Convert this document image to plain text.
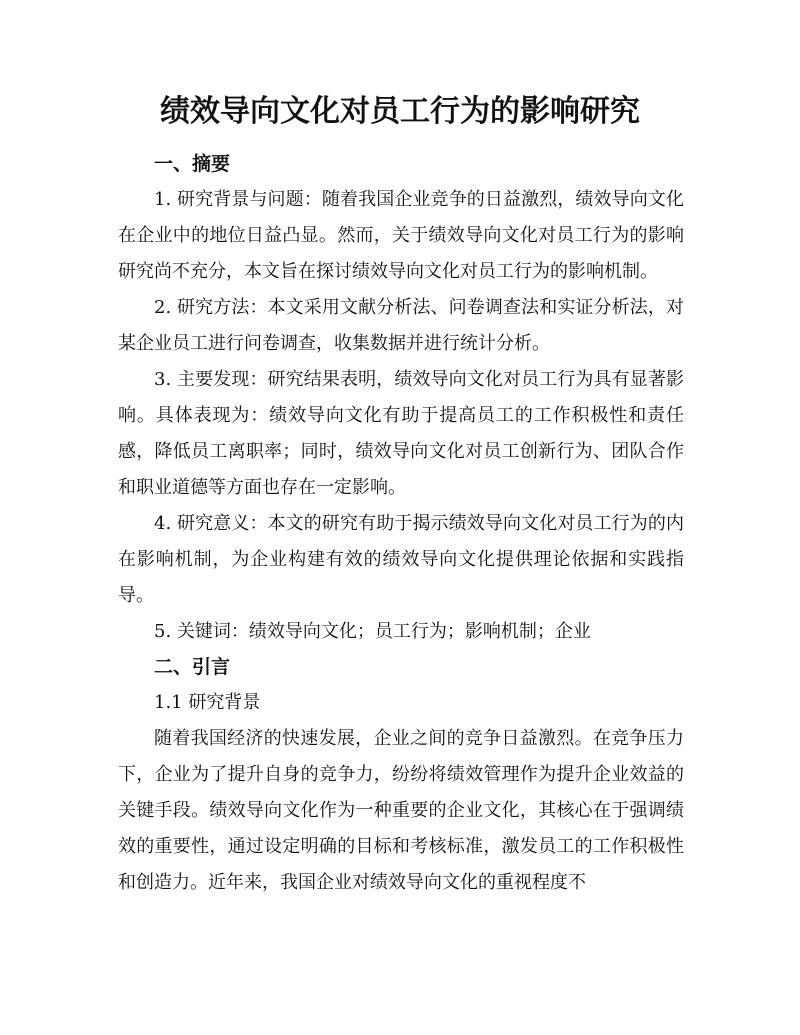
绩效导向文化对员工行为的影响研究
一、摘要

1. 研究背景与问题：随着我国企业竞争的日益激烈，绩效导向文化在企业中的地位日益凸显。然而，关于绩效导向文化对员工行为的影响研究尚不充分，本文旨在探讨绩效导向文化对员工行为的影响机制。

2. 研究方法：本文采用文献分析法、问卷调查法和实证分析法，对某企业员工进行问卷调查，收集数据并进行统计分析。

3. 主要发现：研究结果表明，绩效导向文化对员工行为具有显著影响。具体表现为：绩效导向文化有助于提高员工的工作积极性和责任感，降低员工离职率；同时，绩效导向文化对员工创新行为、团队合作和职业道德等方面也存在一定影响。

4. 研究意义：本文的研究有助于揭示绩效导向文化对员工行为的内在影响机制，为企业构建有效的绩效导向文化提供理论依据和实践指导。

5. 关键词：绩效导向文化；员工行为；影响机制；企业

二、引言

1.1 研究背景

随着我国经济的快速发展，企业之间的竞争日益激烈。在竞争压力下，企业为了提升自身的竞争力，纷纷将绩效管理作为提升企业效益的关键手段。绩效导向文化作为一种重要的企业文化，其核心在于强调绩效的重要性，通过设定明确的目标和考核标准，激发员工的工作积极性和创造力。近年来，我国企业对绩效导向文化的重视程度不
